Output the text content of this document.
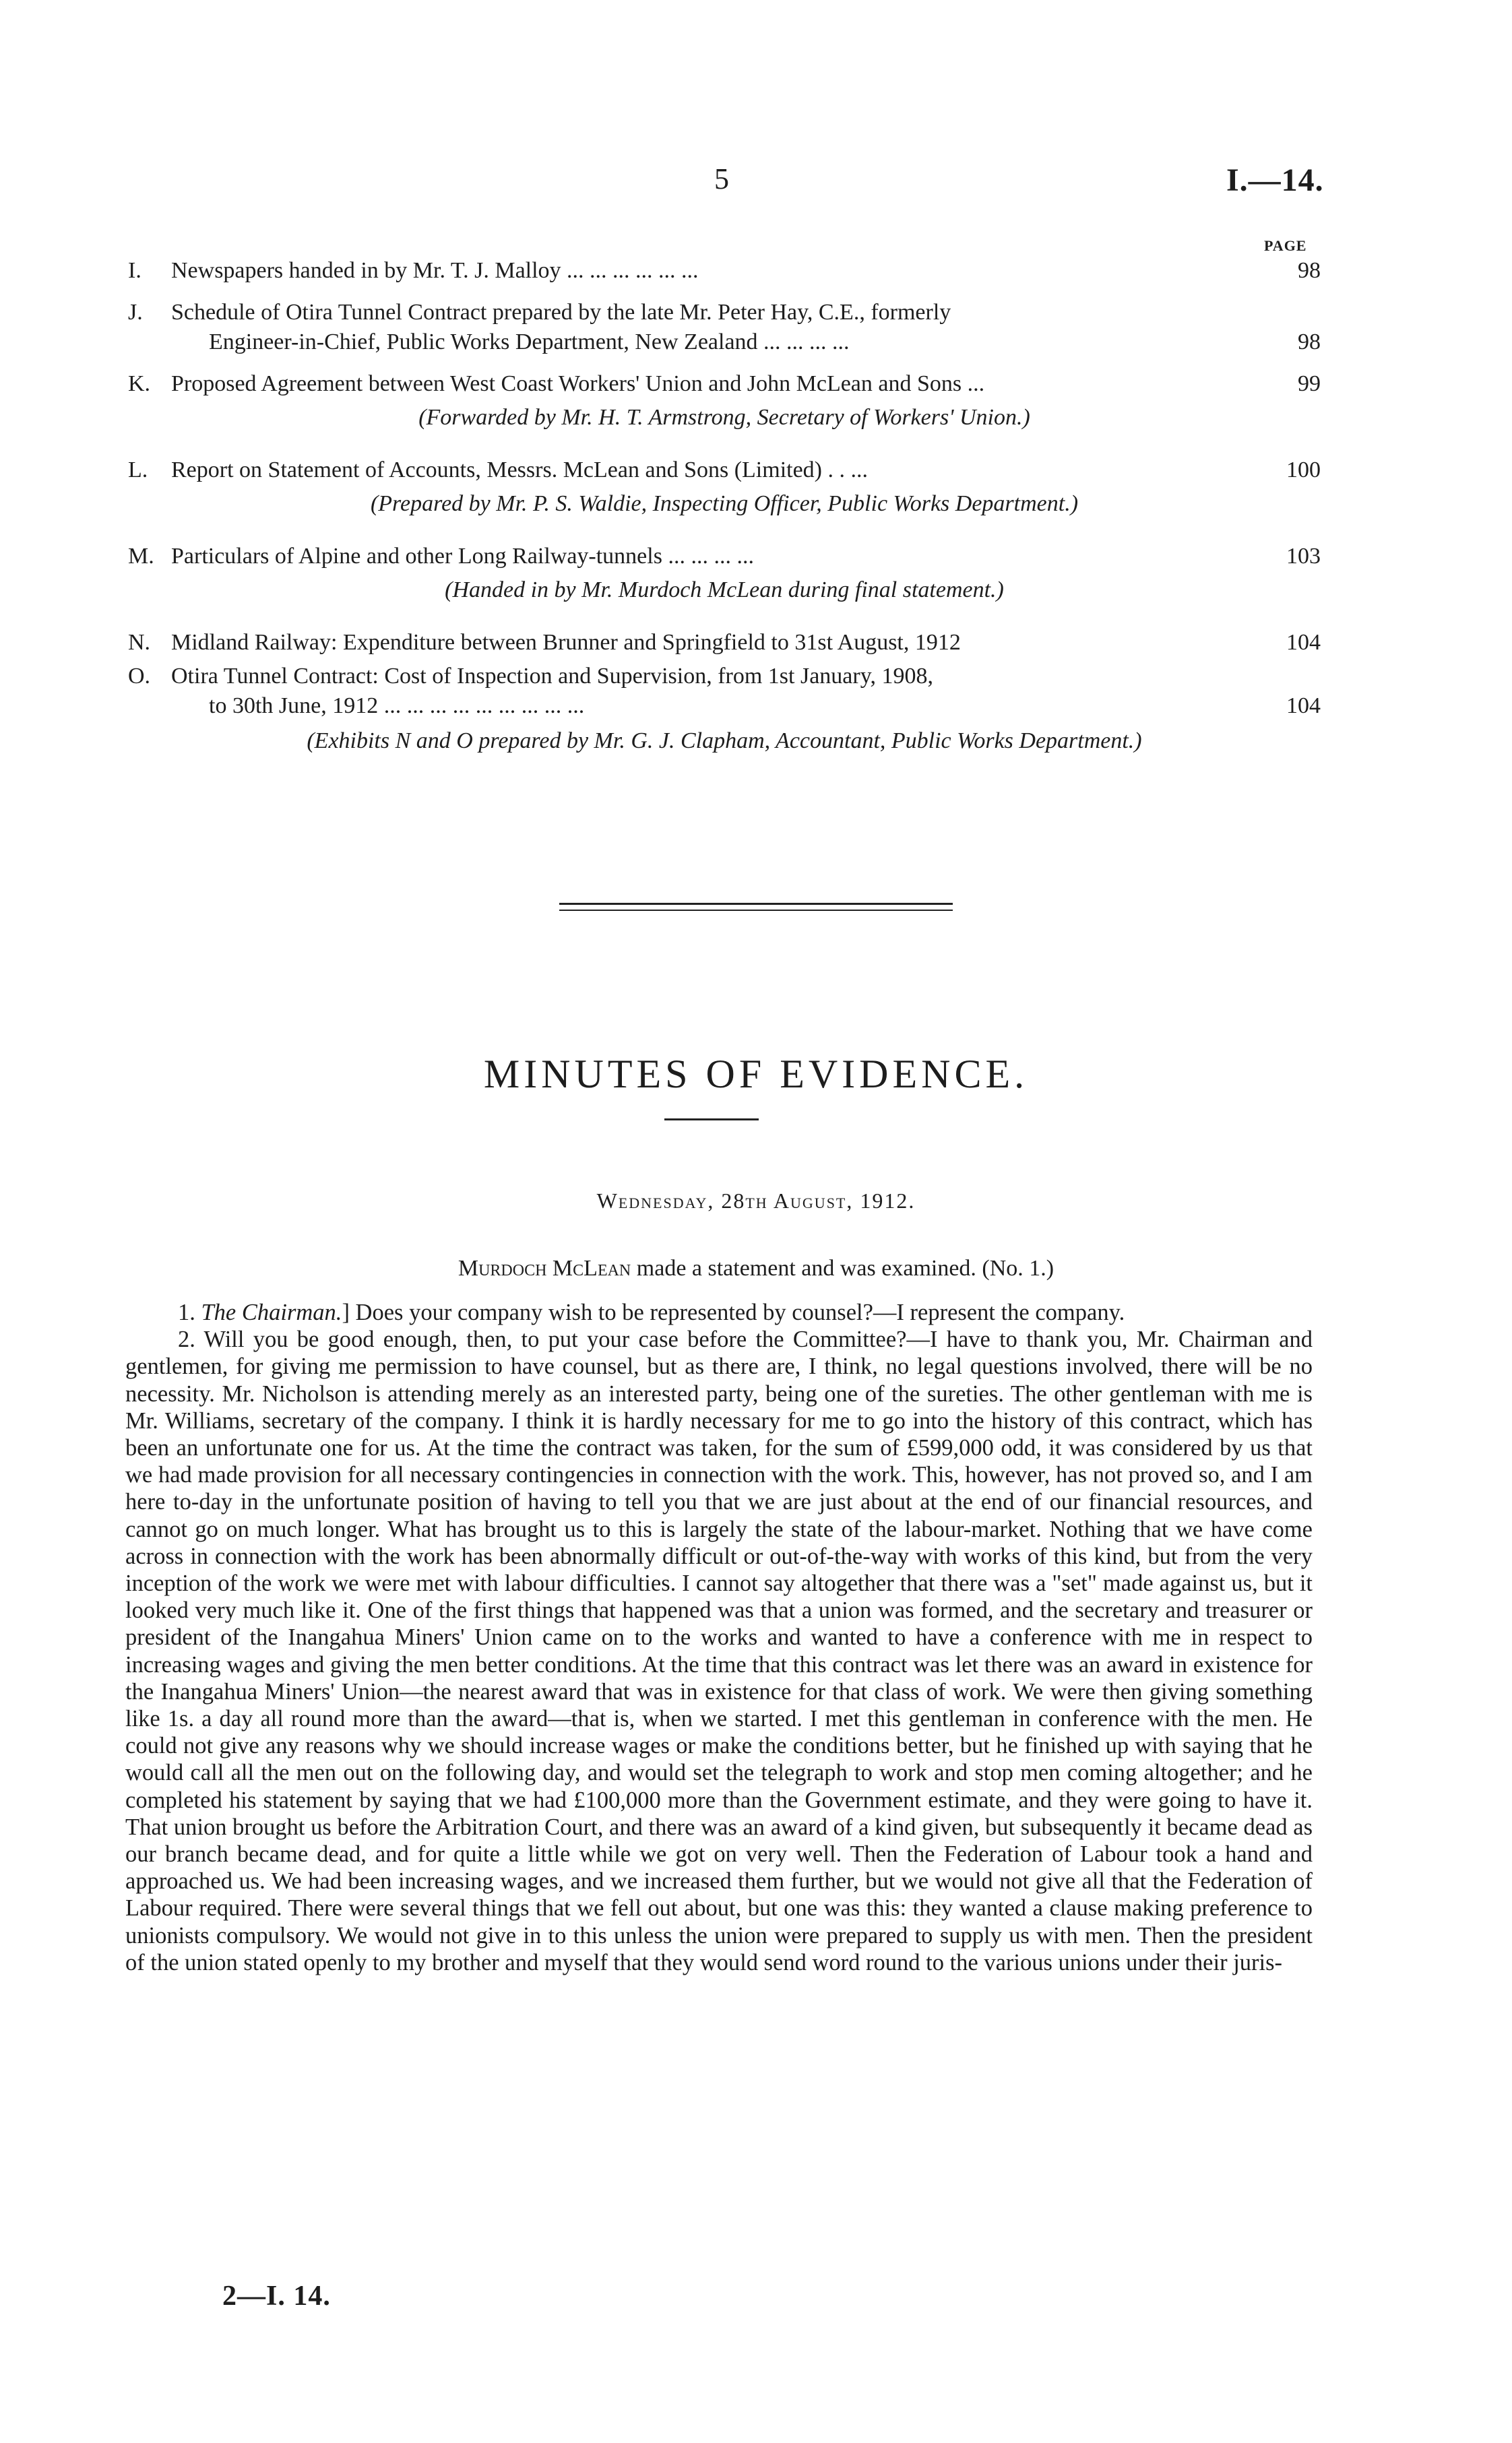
5	I.—14.
PAGE
I.	Newspapers handed in by Mr. T. J. Malloy ... ... ... ... ... ...	98
J.	Schedule of Otira Tunnel Contract prepared by the late Mr. Peter Hay, C.E., formerly
Engineer-in-Chief, Public Works Department, New Zealand ... ... ... ...	98
K. Proposed Agreement between West Coast Workers' Union and John McLean and Sons ...	99
(Forwarded by Mr. H. T. Armstrong, Secretary of Workers' Union.)
L.	Report on Statement of Accounts, Messrs. McLean and Sons (Limited) . . ...	100
(Prepared by Mr. P. S. Waldie, Inspecting Officer, Public Works Department.)
M. Particulars of Alpine and other Long Railway-tunnels ... ... ... ...	103
(Handed in by Mr. Murdoch McLean during final statement.)
N. Midland Railway: Expenditure between Brunner and Springfield to 31st August, 1912	104
O. Otira Tunnel Contract: Cost of Inspection and Supervision, from 1st January, 1908,
to 30th June, 1912 ... ... ... ... ... ... ... ... ...	104
(Exhibits N and O prepared by Mr. G. J. Clapham, Accountant, Public Works Department.)
MINUTES OF EVIDENCE.
Wednesday, 28th August, 1912.
Murdoch McLean made a statement and was examined. (No. 1.)

1. The Chairman.] Does your company wish to be represented by counsel?—I represent the company.

2. Will you be good enough, then, to put your case before the Committee?—I have to thank you, Mr. Chairman and gentlemen, for giving me permission to have counsel, but as there are, I think, no legal questions involved, there will be no necessity. Mr. Nicholson is attending merely as an interested party, being one of the sureties. The other gentleman with me is Mr. Williams, secretary of the company. I think it is hardly necessary for me to go into the history of this contract, which has been an unfortunate one for us. At the time the contract was taken, for the sum of £599,000 odd, it was considered by us that we had made provision for all necessary contingencies in connection with the work. This, however, has not proved so, and I am here to-day in the unfortunate position of having to tell you that we are just about at the end of our financial resources, and cannot go on much longer. What has brought us to this is largely the state of the labour-market. Nothing that we have come across in connection with the work has been abnormally difficult or out-of-the-way with works of this kind, but from the very inception of the work we were met with labour difficulties. I cannot say altogether that there was a "set" made against us, but it looked very much like it. One of the first things that happened was that a union was formed, and the secretary and treasurer or president of the Inangahua Miners' Union came on to the works and wanted to have a conference with me in respect to increasing wages and giving the men better conditions. At the time that this contract was let there was an award in existence for the Inangahua Miners' Union—the nearest award that was in existence for that class of work. We were then giving something like 1s. a day all round more than the award—that is, when we started. I met this gentleman in conference with the men. He could not give any reasons why we should increase wages or make the conditions better, but he finished up with saying that he would call all the men out on the following day, and would set the telegraph to work and stop men coming altogether; and he completed his statement by saying that we had £100,000 more than the Government estimate, and they were going to have it. That union brought us before the Arbitration Court, and there was an award of a kind given, but subsequently it became dead as our branch became dead, and for quite a little while we got on very well. Then the Federation of Labour took a hand and approached us. We had been increasing wages, and we increased them further, but we would not give all that the Federation of Labour required. There were several things that we fell out about, but one was this: they wanted a clause making preference to unionists compulsory. We would not give in to this unless the union were prepared to supply us with men. Then the president of the union stated openly to my brother and myself that they would send word round to the various unions under their juris-

2—I. 14.
